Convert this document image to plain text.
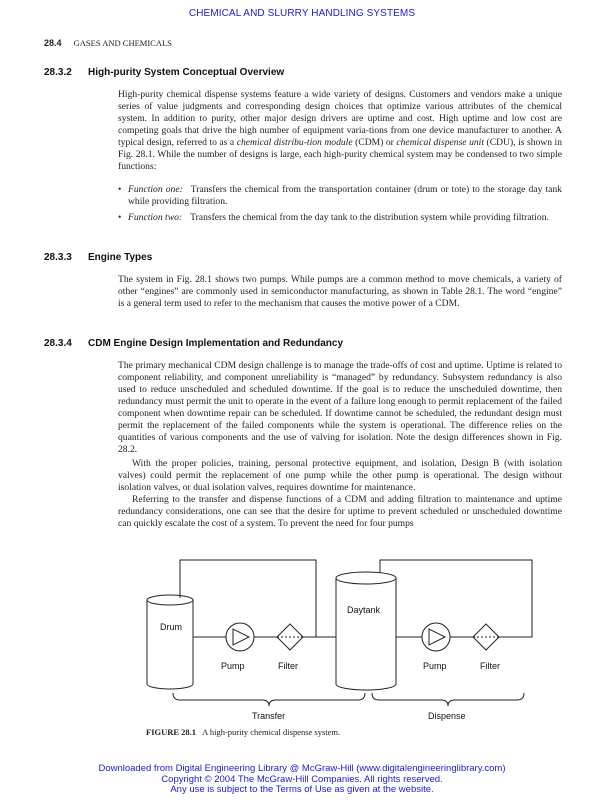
CHEMICAL AND SLURRY HANDLING SYSTEMS
28.4 GASES AND CHEMICALS
28.3.2 High-purity System Conceptual Overview

High-purity chemical dispense systems feature a wide variety of designs. Customers and vendors make a unique series of value judgments and corresponding design choices that optimize various attributes of the chemical system. In addition to purity, other major design drivers are uptime and cost. High uptime and low cost are competing goals that drive the high number of equipment varia-tions from one device manufacturer to another. A typical design, referred to as a chemical distribu-tion module (CDM) or chemical dispense unit (CDU), is shown in Fig. 28.1. While the number of designs is large, each high-purity chemical system may be condensed to two simple functions:

• Function one: Transfers the chemical from the transportation container (drum or tote) to the storage day tank while providing filtration.
• Function two: Transfers the chemical from the day tank to the distribution system while providing filtration.
28.3.3 Engine Types

The system in Fig. 28.1 shows two pumps. While pumps are a common method to move chemicals, a variety of other “engines” are commonly used in semiconductor manufacturing, as shown in Table 28.1. The word “engine” is a general term used to refer to the mechanism that causes the motive power of a CDM.

28.3.4 CDM Engine Design Implementation and Redundancy

The primary mechanical CDM design challenge is to manage the trade-offs of cost and uptime. Uptime is related to component reliability, and component unreliability is “managed” by redundancy. Subsystem redundancy is also used to reduce unscheduled and scheduled downtime. If the goal is to reduce the unscheduled downtime, then redundancy must permit the unit to operate in the event of a failure long enough to permit replacement of the failed component when downtime repair can be scheduled. If downtime cannot be scheduled, the redundant design must permit the replacement of the failed components while the system is operational. The difference relies on the quantities of various components and the use of valving for isolation. Note the design differences shown in Fig. 28.2.

With the proper policies, training, personal protective equipment, and isolation, Design B (with isolation valves) could permit the replacement of one pump while the other pump is operational. The design without isolation valves, or dual isolation valves, requires downtime for maintenance.

Referring to the transfer and dispense functions of a CDM and adding filtration to maintenance and uptime redundancy considerations, one can see that the desire for uptime to prevent scheduled or unscheduled downtime can quickly escalate the cost of a system. To prevent the need for four pumps

Drum
Daytank
Pump	Filter	Pump	Filter
Transfer	Dispense
FIGURE 28.1 A high-purity chemical dispense system.
Downloaded from Digital Engineering Library @ McGraw-Hill (www.digitalengineeringlibrary.com)
Copyright © 2004 The McGraw-Hill Companies. All rights reserved.
Any use is subject to the Terms of Use as given at the website.
